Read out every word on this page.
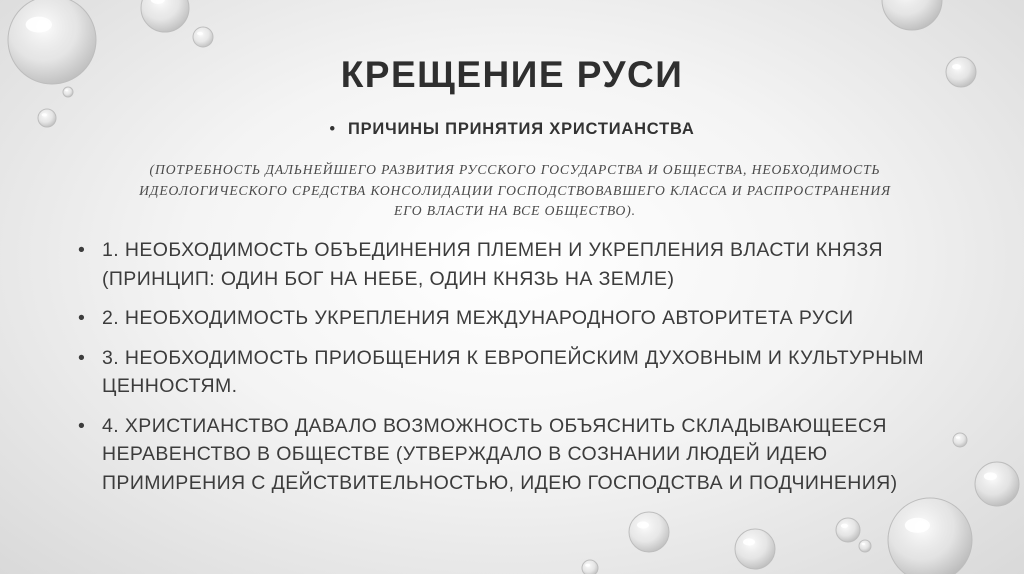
КРЕЩЕНИЕ РУСИ
• ПРИЧИНЫ ПРИНЯТИЯ ХРИСТИАНСТВА
(ПОТРЕБНОСТЬ ДАЛЬНЕЙШЕГО РАЗВИТИЯ РУССКОГО ГОСУДАРСТВА И ОБЩЕСТВА, НЕОБХОДИМОСТЬ ИДЕОЛОГИЧЕСКОГО СРЕДСТВА КОНСОЛИДАЦИИ ГОСПОДСТВОВАВШЕГО КЛАССА И РАСПРОСТРАНЕНИЯ ЕГО ВЛАСТИ НА ВСЕ ОБЩЕСТВО).
• 1. НЕОБХОДИМОСТЬ ОБЪЕДИНЕНИЯ ПЛЕМЕН И УКРЕПЛЕНИЯ ВЛАСТИ КНЯЗЯ (ПРИНЦИП: ОДИН БОГ НА НЕБЕ, ОДИН КНЯЗЬ НА ЗЕМЛЕ)
• 2. НЕОБХОДИМОСТЬ УКРЕПЛЕНИЯ МЕЖДУНАРОДНОГО АВТОРИТЕТА РУСИ
• 3. НЕОБХОДИМОСТЬ ПРИОБЩЕНИЯ К ЕВРОПЕЙСКИМ ДУХОВНЫМ И КУЛЬТУРНЫМ ЦЕННОСТЯМ.
• 4. ХРИСТИАНСТВО ДАВАЛО ВОЗМОЖНОСТЬ ОБЪЯСНИТЬ СКЛАДЫВАЮЩЕЕСЯ НЕРАВЕНСТВО В ОБЩЕСТВЕ (УТВЕРЖДАЛО В СОЗНАНИИ ЛЮДЕЙ ИДЕЮ ПРИМИРЕНИЯ С ДЕЙСТВИТЕЛЬНОСТЬЮ, ИДЕЮ ГОСПОДСТВА И ПОДЧИНЕНИЯ)
